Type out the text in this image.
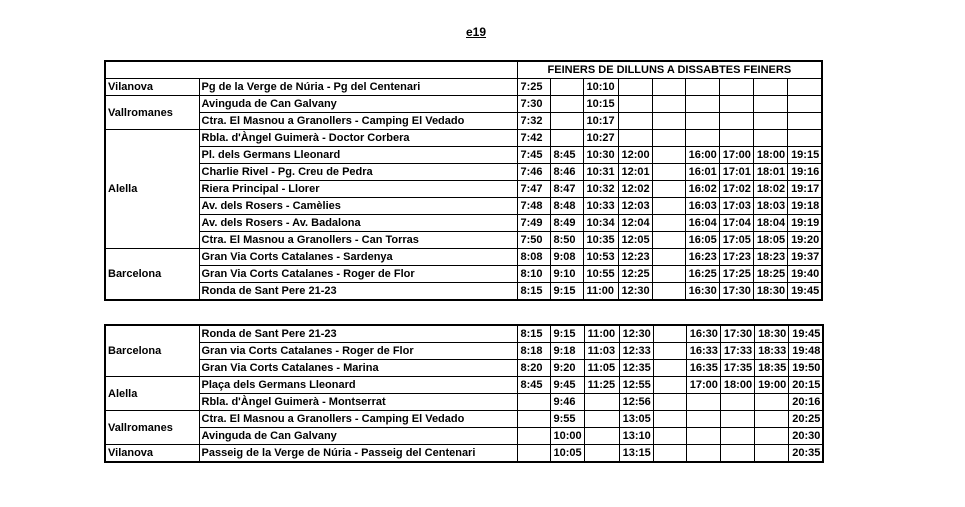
e19
		FEINERS DE DILLUNS A DISSABTES FEINERS								
Vilanova	Pg de la Verge de Núria - Pg del Centenari	7:25		10:10						
Vallromanes	Avinguda de Can Galvany	7:30		10:15						
	Ctra. El Masnou a Granollers - Camping El Vedado	7:32		10:17						
Alella	Rbla. d'Àngel Guimerà - Doctor Corbera	7:42		10:27						
	Pl. dels Germans Lleonard	7:45	8:45	10:30	12:00		16:00	17:00	18:00	19:15
	Charlie Rivel - Pg. Creu de Pedra	7:46	8:46	10:31	12:01		16:01	17:01	18:01	19:16
	Riera Principal - Llorer	7:47	8:47	10:32	12:02		16:02	17:02	18:02	19:17
	Av. dels Rosers - Camèlies	7:48	8:48	10:33	12:03		16:03	17:03	18:03	19:18
	Av. dels Rosers - Av. Badalona	7:49	8:49	10:34	12:04		16:04	17:04	18:04	19:19
	Ctra. El Masnou a Granollers - Can Torras	7:50	8:50	10:35	12:05		16:05	17:05	18:05	19:20
Barcelona	Gran Via Corts Catalanes - Sardenya	8:08	9:08	10:53	12:23		16:23	17:23	18:23	19:37
	Gran Via Corts Catalanes - Roger de Flor	8:10	9:10	10:55	12:25		16:25	17:25	18:25	19:40
	Ronda de Sant Pere 21-23	8:15	9:15	11:00	12:30		16:30	17:30	18:30	19:45
Barcelona	Ronda de Sant Pere 21-23	8:15	9:15	11:00	12:30		16:30	17:30	18:30	19:45
	Gran via Corts Catalanes - Roger de Flor	8:18	9:18	11:03	12:33		16:33	17:33	18:33	19:48
	Gran Via Corts Catalanes - Marina	8:20	9:20	11:05	12:35		16:35	17:35	18:35	19:50
Alella	Plaça dels Germans Lleonard	8:45	9:45	11:25	12:55		17:00	18:00	19:00	20:15
	Rbla. d'Àngel Guimerà - Montserrat		9:46		12:56					20:16
Vallromanes	Ctra. El Masnou a Granollers - Camping El Vedado		9:55		13:05					20:25
	Avinguda de Can Galvany		10:00		13:10					20:30
Vilanova	Passeig de la Verge de Núria - Passeig del Centenari		10:05		13:15					20:35
